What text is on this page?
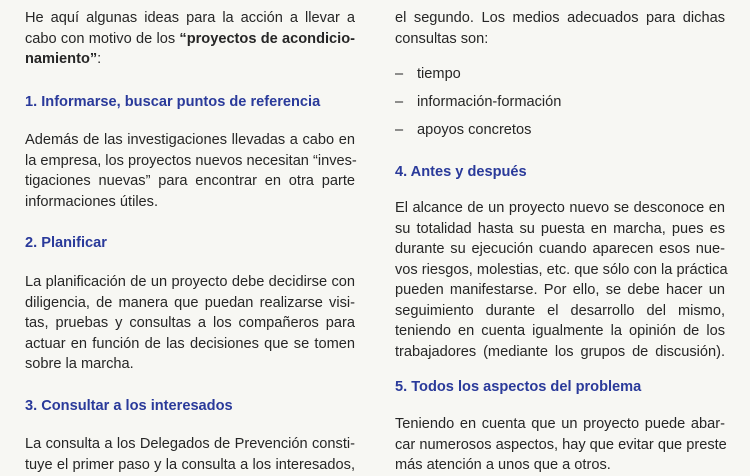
He aquí algunas ideas para la acción a llevar a
cabo con motivo de los “proyectos de acondicio-
namiento”:
1. Informarse, buscar puntos de referencia
Además de las investigaciones llevadas a cabo en
la empresa, los proyectos nuevos necesitan “inves-
tigaciones nuevas” para encontrar en otra parte
informaciones útiles.
2. Planificar
La planificación de un proyecto debe decidirse con
diligencia, de manera que puedan realizarse visi-
tas, pruebas y consultas a los compañeros para
actuar en función de las decisiones que se tomen
sobre la marcha.
3. Consultar a los interesados
La consulta a los Delegados de Prevención consti-
tuye el primer paso y la consulta a los interesados,
el segundo. Los medios adecuados para dichas
consultas son:
– tiempo
– información-formación
– apoyos concretos
4. Antes y después
El alcance de un proyecto nuevo se desconoce en
su totalidad hasta su puesta en marcha, pues es
durante su ejecución cuando aparecen esos nue-
vos riesgos, molestias, etc. que sólo con la práctica
pueden manifestarse. Por ello, se debe hacer un
seguimiento durante el desarrollo del mismo,
teniendo en cuenta igualmente la opinión de los
trabajadores (mediante los grupos de discusión).
5. Todos los aspectos del problema
Teniendo en cuenta que un proyecto puede abar-
car numerosos aspectos, hay que evitar que preste
más atención a unos que a otros.
